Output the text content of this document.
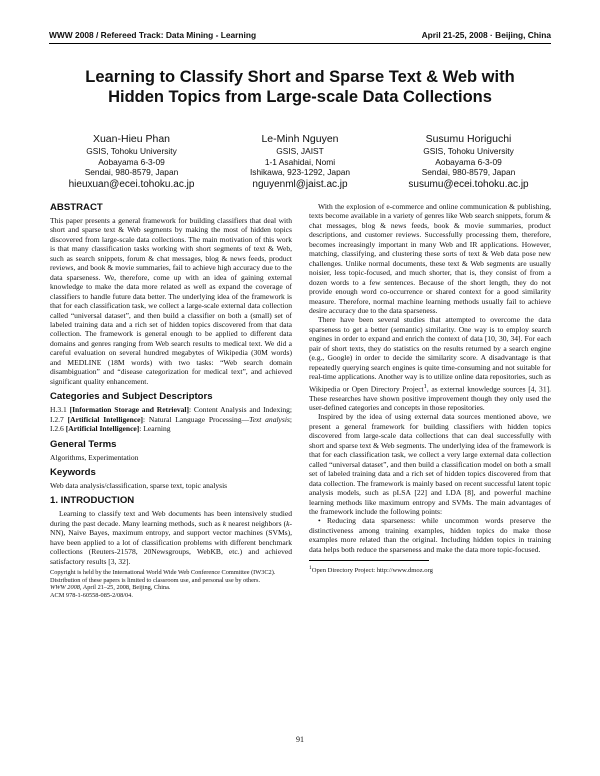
WWW 2008 / Refereed Track: Data Mining - Learning	April 21-25, 2008 · Beijing, China
Learning to Classify Short and Sparse Text & Web with
Hidden Topics from Large-scale Data Collections
Xuan-Hieu Phan
GSIS, Tohoku University
Aobayama 6-3-09
Sendai, 980-8579, Japan
hieuxuan@ecei.tohoku.ac.jp
Le-Minh Nguyen
GSIS, JAIST
1-1 Asahidai, Nomi
Ishikawa, 923-1292, Japan
nguyenml@jaist.ac.jp
Susumu Horiguchi
GSIS, Tohoku University
Aobayama 6-3-09
Sendai, 980-8579, Japan
susumu@ecei.tohoku.ac.jp
ABSTRACT

This paper presents a general framework for building classifiers that deal with short and sparse text & Web segments by making the most of hidden topics discovered from large-scale data collections. The main motivation of this work is that many classification tasks working with short segments of text & Web, such as search snippets, forum & chat messages, blog & news feeds, product reviews, and book & movie summaries, fail to achieve high accuracy due to the data sparseness. We, therefore, come up with an idea of gaining external knowledge to make the data more related as well as expand the coverage of classifiers to handle future data better. The underlying idea of the framework is that for each classification task, we collect a large-scale external data collection called “universal dataset”, and then build a classifier on both a (small) set of labeled training data and a rich set of hidden topics discovered from that data collection. The framework is general enough to be applied to different data domains and genres ranging from Web search results to medical text. We did a careful evaluation on several hundred megabytes of Wikipedia (30M words) and MEDLINE (18M words) with two tasks: “Web search domain disambiguation” and “disease categorization for medical text”, and achieved significant quality enhancement.

Categories and Subject Descriptors

H.3.1 [Information Storage and Retrieval]: Content Analysis and Indexing; I.2.7 [Artificial Intelligence]: Natural Language Processing—Text analysis; I.2.6 [Artificial Intelligence]: Learning

General Terms

Algorithms, Experimentation

Keywords

Web data analysis/classification, sparse text, topic analysis

1. INTRODUCTION

Learning to classify text and Web documents has been intensively studied during the past decade. Many learning methods, such as k nearest neighbors (k-NN), Naive Bayes, maximum entropy, and support vector machines (SVMs), have been applied to a lot of classification problems with different benchmark collections (Reuters-21578, 20Newsgroups, WebKB, etc.) and achieved satisfactory results [3, 32].

Copyright is held by the International World Wide Web Conference Committee (IW3C2). Distribution of these papers is limited to classroom use, and personal use by others.
WWW 2008, April 21–25, 2008, Beijing, China.
ACM 978-1-60558-085-2/08/04.

With the explosion of e-commerce and online communication & publishing, texts become available in a variety of genres like Web search snippets, forum & chat messages, blog & news feeds, book & movie summaries, product descriptions, and customer reviews. Successfully processing them, therefore, becomes increasingly important in many Web and IR applications. However, matching, classifying, and clustering these sorts of text & Web data pose new challenges. Unlike normal documents, these text & Web segments are usually noisier, less topic-focused, and much shorter, that is, they consist of from a dozen words to a few sentences. Because of the short length, they do not provide enough word co-occurrence or shared context for a good similarity measure. Therefore, normal machine learning methods usually fail to achieve desire accuracy due to the data sparseness.

There have been several studies that attempted to overcome the data sparseness to get a better (semantic) similarity. One way is to employ search engines in order to expand and enrich the context of data [10, 30, 34]. For each pair of short texts, they do statistics on the results returned by a search engine (e.g., Google) in order to decide the similarity score. A disadvantage is that repeatedly querying search engines is quite time-consuming and not suitable for real-time applications. Another way is to utilize online data repositories, such as Wikipedia or Open Directory Project$^1$, as external knowledge sources [4, 31]. These researches have shown positive improvement though they only used the user-defined categories and concepts in those repositories.

Inspired by the idea of using external data sources mentioned above, we present a general framework for building classifiers with hidden topics discovered from large-scale data collections that can deal successfully with short and sparse text & Web segments. The underlying idea of the framework is that for each classification task, we collect a very large external data collection called “universal dataset”, and then build a classification model on both a small set of labeled training data and a rich set of hidden topics discovered from that data collection. The framework is mainly based on recent successful latent topic analysis models, such as pLSA [22] and LDA [8], and powerful machine learning methods like maximum entropy and SVMs. The main advantages of the framework include the following points:

• Reducing data sparseness: while uncommon words preserve the distinctiveness among training examples, hidden topics do make those examples more related than the original. Including hidden topics in training data helps both reduce the sparseness and make the data more topic-focused.

$^1$Open Directory Project: http://www.dmoz.org
91
